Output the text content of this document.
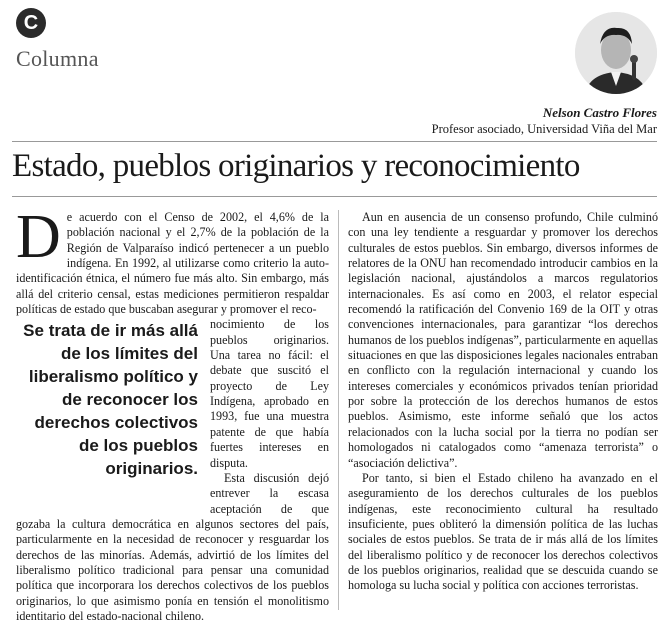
C
Columna
Nelson Castro Flores
Profesor asociado, Universidad Viña del Mar
Estado, pueblos originarios y reconocimiento

De acuerdo con el Censo de 2002, el 4,6% de la población nacional y el 2,7% de la población de la Región de Valparaíso indicó pertenecer a un pueblo indígena. En 1992, al utilizarse como criterio la auto-identificación étnica, el número fue más alto. Sin embargo, más allá del criterio censal, estas mediciones permitieron respaldar políticas de estado que buscaban asegurar y promover el reco-

Se trata de ir más allá de los límites del liberalismo político y de reconocer los derechos colectivos de los pueblos originarios.

nocimiento de los pueblos originarios. Una tarea no fácil: el debate que suscitó el proyecto de Ley Indígena, aprobado en 1993, fue una muestra patente de que había fuertes intereses en disputa.

Esta discusión dejó entrever la escasa aceptación de que gozaba la cultura democrática en algunos sectores del país, particularmente en la necesidad de reconocer y resguardar los derechos de las minorías. Además, advirtió de los límites del liberalismo político tradicional para pensar una comunidad política que incorporara los derechos colectivos de los pueblos originarios, lo que asimismo ponía en tensión el monolitismo identitario del estado-nacional chileno.

Aun en ausencia de un consenso profundo, Chile culminó con una ley tendiente a resguardar y promover los derechos culturales de estos pueblos. Sin embargo, diversos informes de relatores de la ONU han recomendado introducir cambios en la legislación nacional, ajustándolos a marcos regulatorios internacionales. Es así como en 2003, el relator especial recomendó la ratificación del Convenio 169 de la OIT y otras convenciones internacionales, para garantizar “los derechos humanos de los pueblos indígenas”, particularmente en aquellas situaciones en que las disposiciones legales nacionales entraban en conflicto con la regulación internacional y cuando los intereses comerciales y económicos privados tenían prioridad por sobre la protección de los derechos humanos de estos pueblos. Asimismo, este informe señaló que los actos relacionados con la lucha social por la tierra no podían ser homologados ni catalogados como “amenaza terrorista” o “asociación delictiva”.

Por tanto, si bien el Estado chileno ha avanzado en el aseguramiento de los derechos culturales de los pueblos indígenas, este reconocimiento cultural ha resultado insuficiente, pues obliteró la dimensión política de las luchas sociales de estos pueblos. Se trata de ir más allá de los límites del liberalismo político y de reconocer los derechos colectivos de los pueblos originarios, realidad que se descuida cuando se homologa su lucha social y política con acciones terroristas.
